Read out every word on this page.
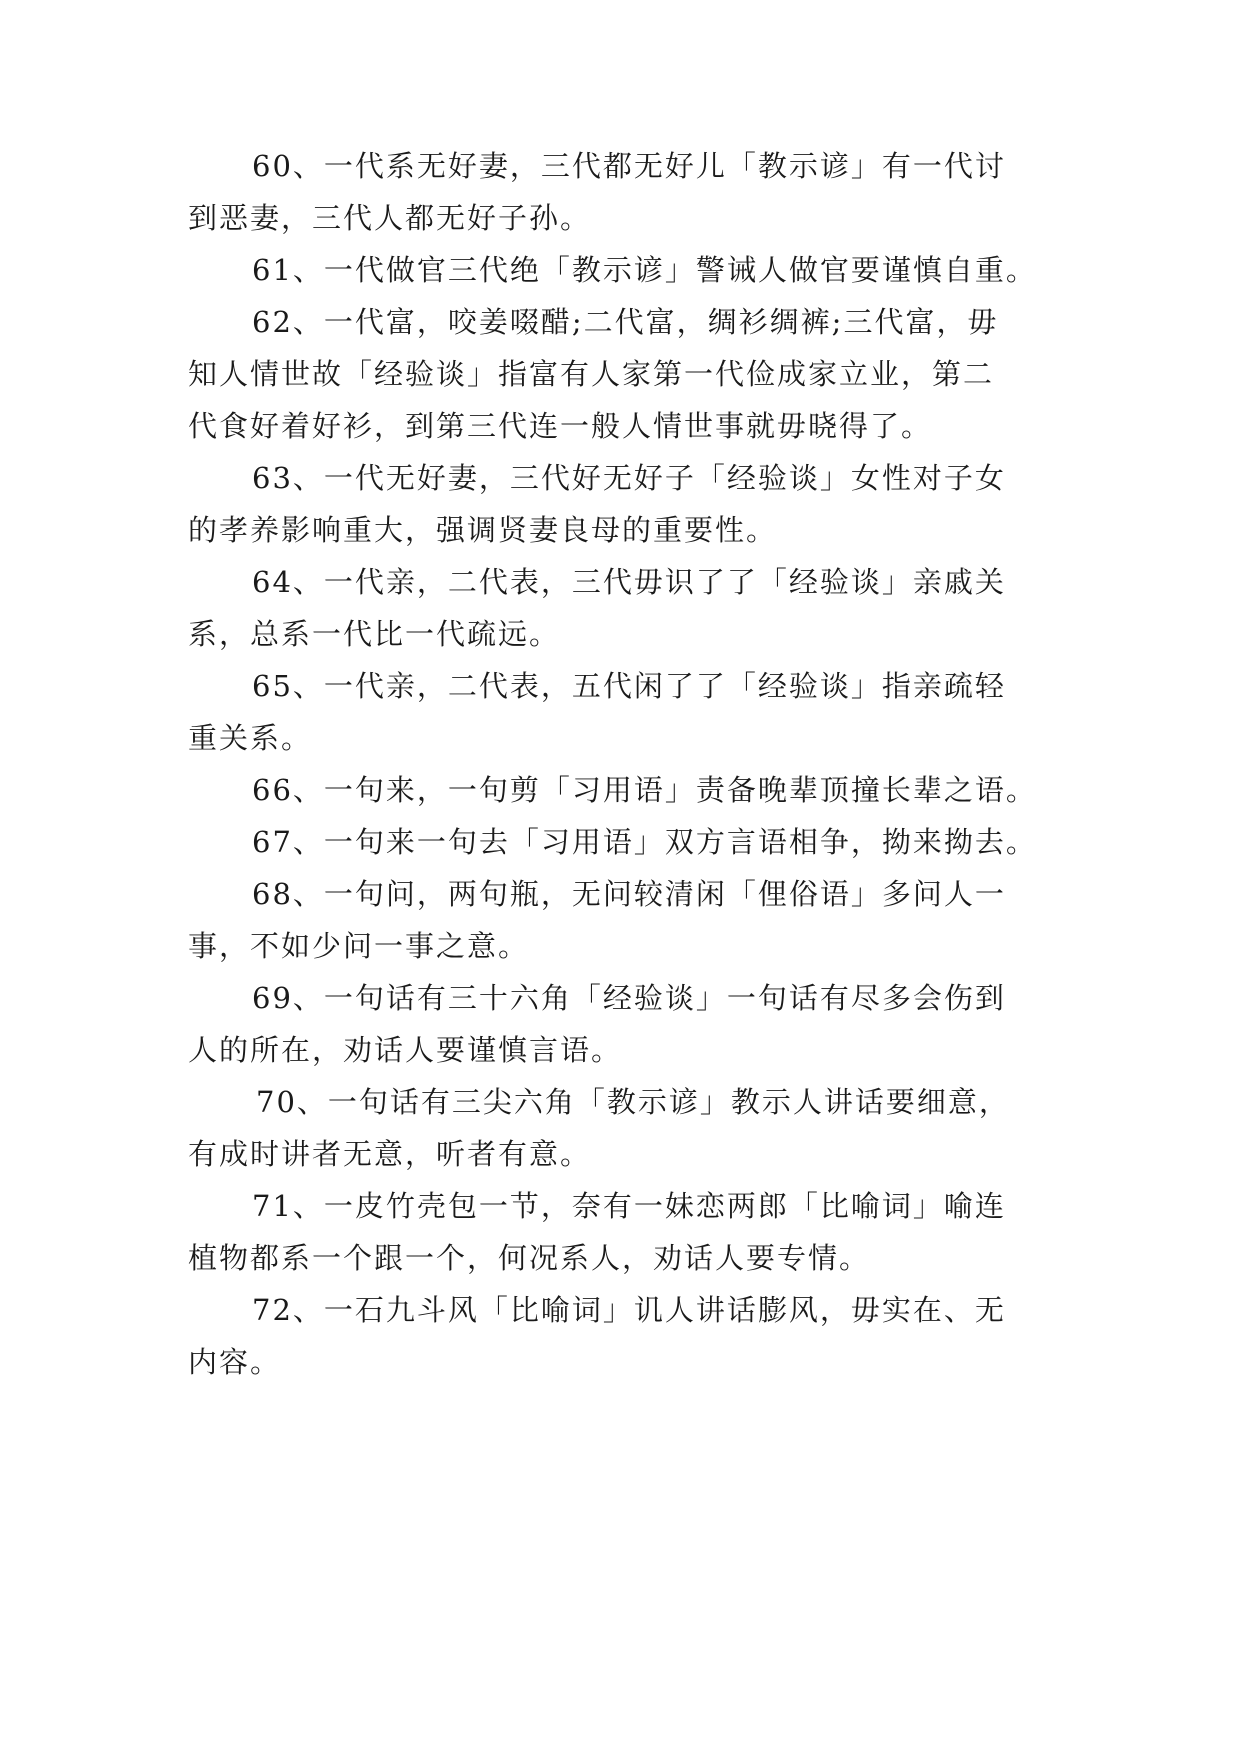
60、一代系无好妻，三代都无好儿「教示谚」有一代讨
到恶妻，三代人都无好子孙。
61、一代做官三代绝「教示谚」警诫人做官要谨慎自重。
62、一代富，咬姜啜醋;二代富，绸衫绸裤;三代富，毋
知人情世故「经验谈」指富有人家第一代俭成家立业，第二
代食好着好衫，到第三代连一般人情世事就毋晓得了。
63、一代无好妻，三代好无好子「经验谈」女性对子女
的孝养影响重大，强调贤妻良母的重要性。
64、一代亲，二代表，三代毋识了了「经验谈」亲戚关
系，总系一代比一代疏远。
65、一代亲，二代表，五代闲了了「经验谈」指亲疏轻
重关系。
66、一句来，一句剪「习用语」责备晚辈顶撞长辈之语。
67、一句来一句去「习用语」双方言语相争，拗来拗去。
68、一句问，两句瓶，无问较清闲「俚俗语」多问人一
事，不如少问一事之意。
69、一句话有三十六角「经验谈」一句话有尽多会伤到
人的所在，劝话人要谨慎言语。
70、一句话有三尖六角「教示谚」教示人讲话要细意，
有成时讲者无意，听者有意。
71、一皮竹壳包一节，奈有一妹恋两郎「比喻词」喻连
植物都系一个跟一个，何况系人，劝话人要专情。
72、一石九斗风「比喻词」讥人讲话膨风，毋实在、无
内容。
